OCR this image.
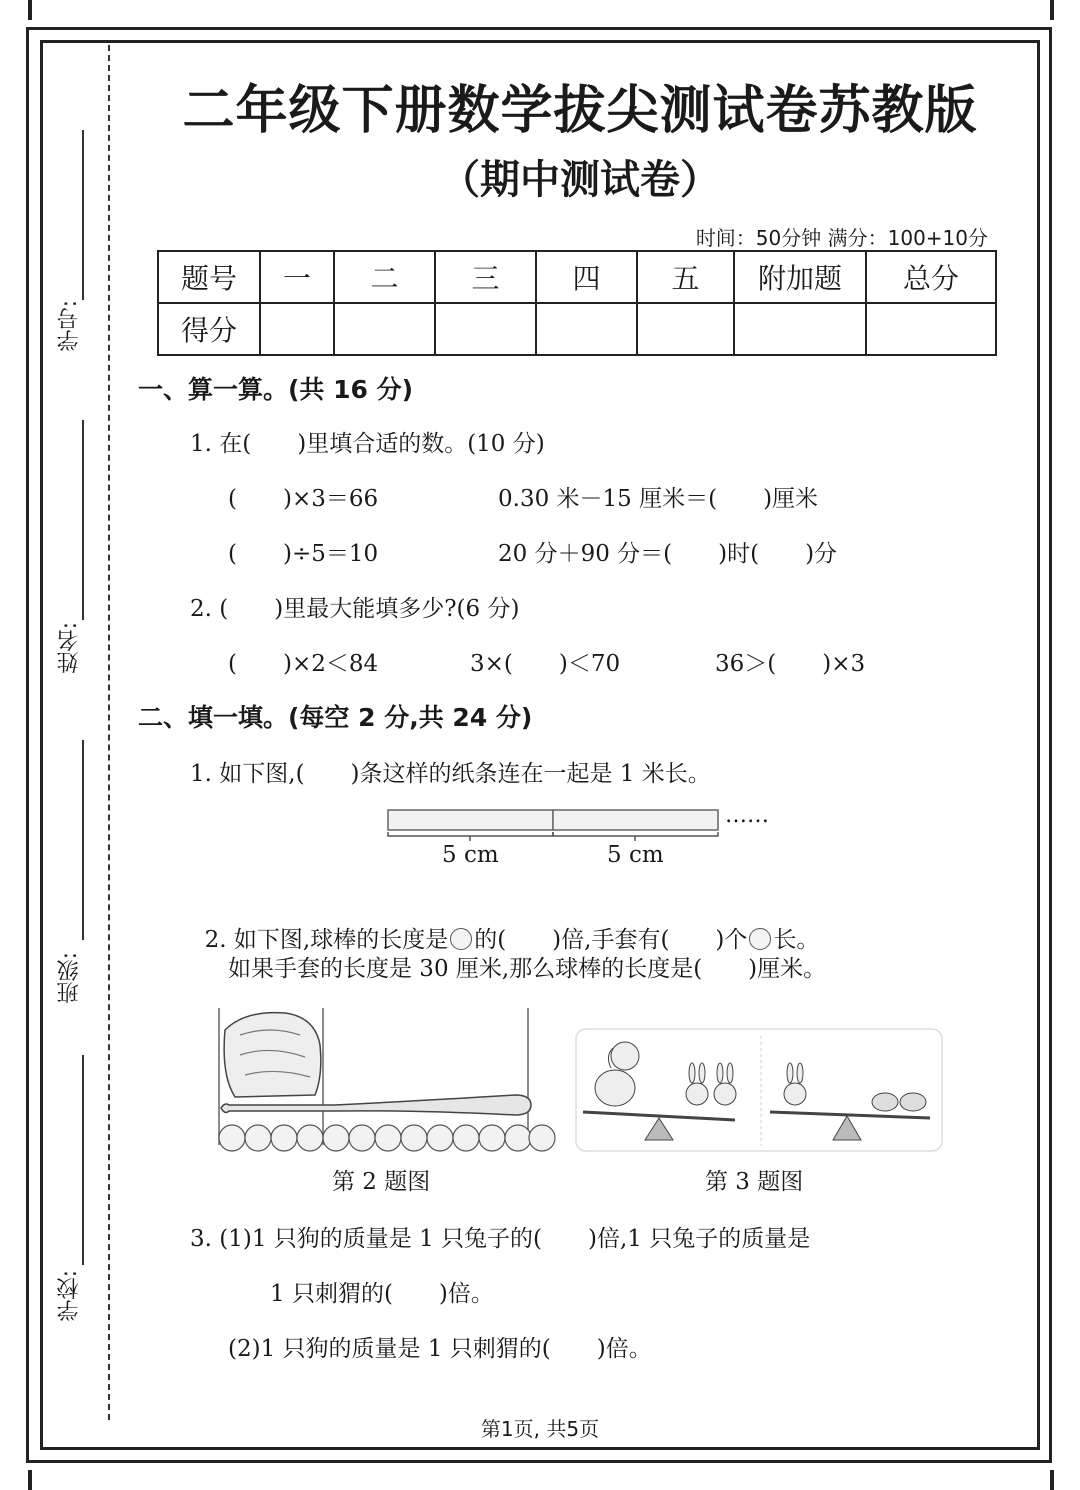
学号:
姓名:
班级:
学校:
二年级下册数学拔尖测试卷苏教版
（期中测试卷）
时间：50分钟 满分：100+10分
题号	一	二	三	四	五	附加题	总分
得分							
一、算一算。(共 16 分)
1. 在(　　)里填合适的数。(10 分)
(　　)×3＝66	0.30 米－15 厘米＝(　　)厘米
(　　)÷5＝10	20 分＋90 分＝(　　)时(　　)分
2. (　　)里最大能填多少?(6 分)
(　　)×2＜84	3×(　　)＜70	36＞(　　)×3
二、填一填。(每空 2 分,共 24 分)
1. 如下图,(　　)条这样的纸条连在一起是 1 米长。
……
5 cm	5 cm

2. 如下图,球棒的长度是 的(　　)倍,手套有(　　)个 长。

如果手套的长度是 30 厘米,那么球棒的长度是(　　)厘米。
第 2 题图	第 3 题图
3. (1)1 只狗的质量是 1 只兔子的(　　)倍,1 只兔子的质量是
1 只刺猬的(　　)倍。
(2)1 只狗的质量是 1 只刺猬的(　　)倍。
第1页, 共5页
